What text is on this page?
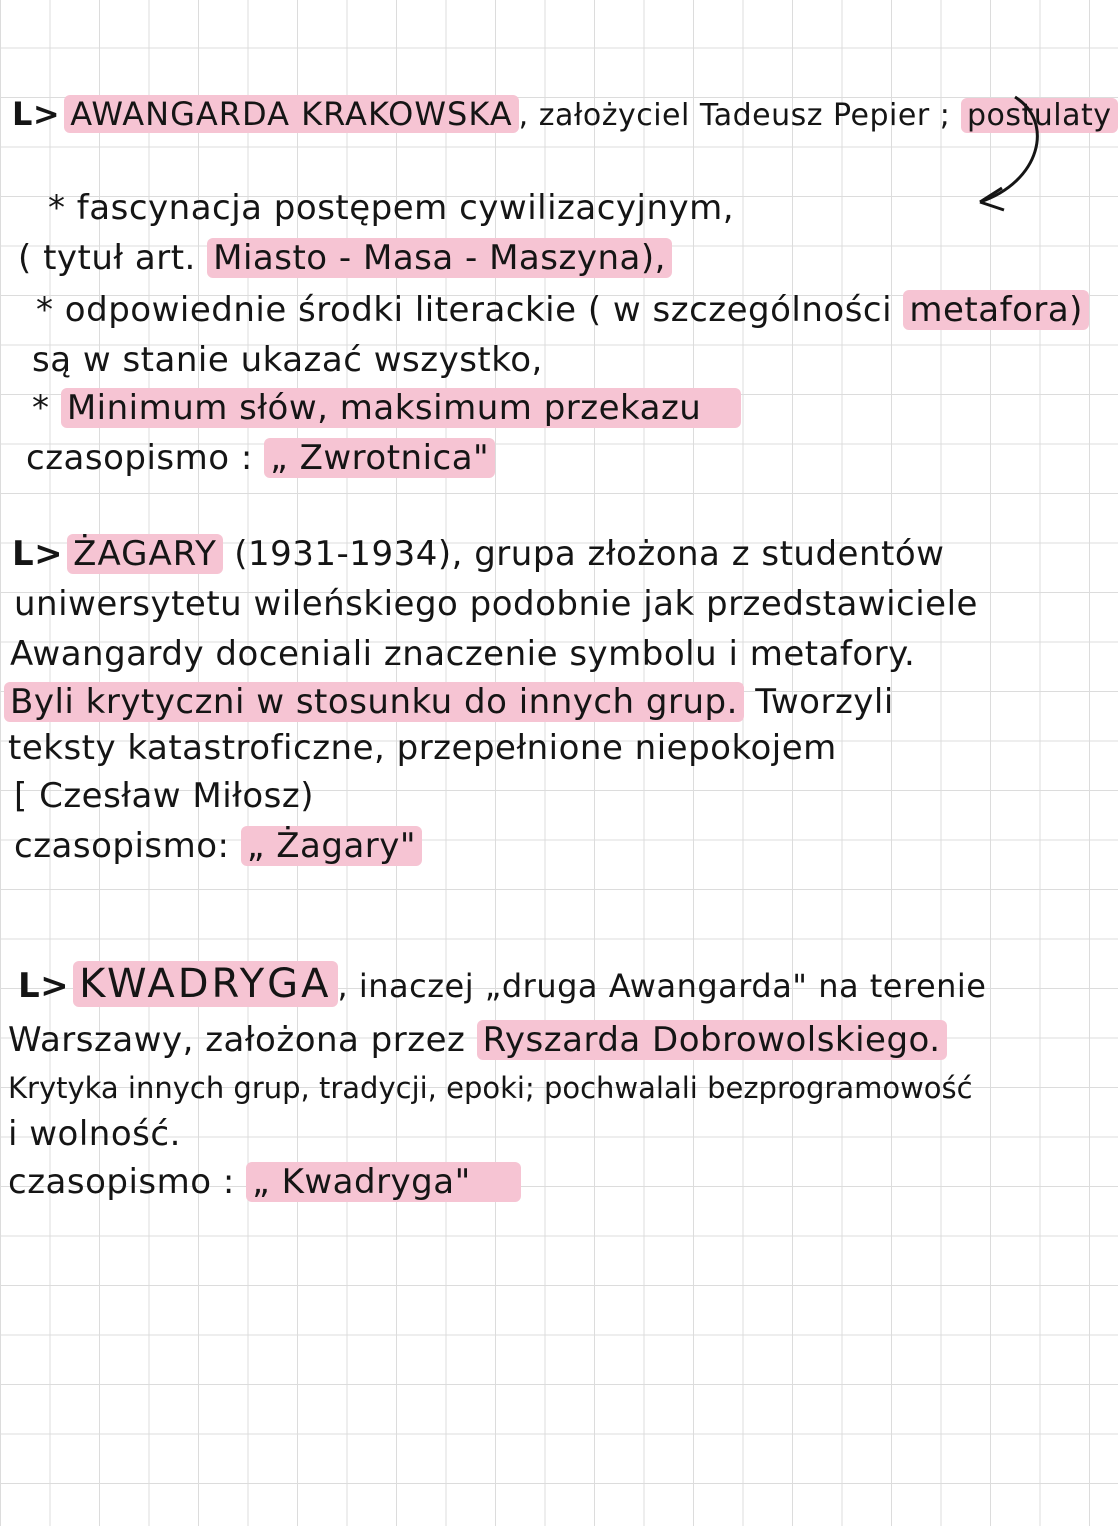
L> AWANGARDA KRAKOWSKA , założyciel Tadeusz Pepier ; postulaty
* fascynacja postępem cywilizacyjnym,
( tytuł art. Miasto - Masa - Maszyna),
* odpowiednie środki literackie ( w szczególności metafora)
są w stanie ukazać wszystko,
* Minimum słów, maksimum przekazu
czasopismo : „ Zwrotnica"
L> ŻAGARY (1931-1934), grupa złożona z studentów
uniwersytetu wileńskiego podobnie jak przedstawiciele
Awangardy doceniali znaczenie symbolu i metafory.
Byli krytyczni w stosunku do innych grup. Tworzyli
teksty katastroficzne, przepełnione niepokojem
[ Czesław Miłosz)
czasopismo: „ Żagary"
L> KWADRYGA , inaczej „druga Awangarda" na terenie
Warszawy, założona przez Ryszarda Dobrowolskiego.
Krytyka innych grup, tradycji, epoki; pochwalali bezprogramowość
i wolność.
czasopismo : „ Kwadryga"
